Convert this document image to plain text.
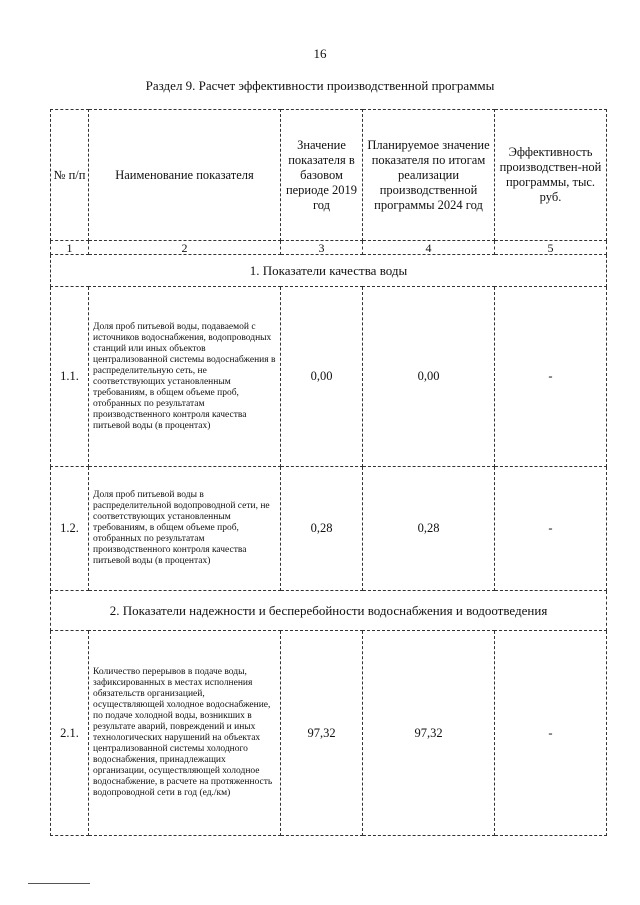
16
Раздел 9. Расчет эффективности производственной программы
№ п/п	Наименование показателя	Значение показателя в базовом периоде 2019 год	Планируемое значение показателя по итогам реализации производственной программы 2024 год	Эффективность производствен-ной программы, тыс. руб.
1	2	3	4	5
1. Показатели качества воды				
1.1.	Доля проб питьевой воды, подаваемой с источников водоснабжения, водопроводных станций или иных объектов централизованной системы водоснабжения в распределительную сеть, не соответствующих установленным требованиям, в общем объеме проб, отобранных по результатам производственного контроля качества питьевой воды (в процентах)	0,00	0,00	-
1.2.	Доля проб питьевой воды в распределительной водопроводной сети, не соответствующих установленным требованиям, в общем объеме проб, отобранных по результатам производственного контроля качества питьевой воды (в процентах)	0,28	0,28	-
2. Показатели надежности и бесперебойности водоснабжения и водоотведения				
2.1.	Количество перерывов в подаче воды, зафиксированных в местах исполнения обязательств организацией, осуществляющей холодное водоснабжение, по подаче холодной воды, возникших в результате аварий, повреждений и иных технологических нарушений на объектах централизованной системы холодного водоснабжения, принадлежащих организации, осуществляющей холодное водоснабжение, в расчете на протяженность водопроводной сети в год (ед./км)	97,32	97,32	-
